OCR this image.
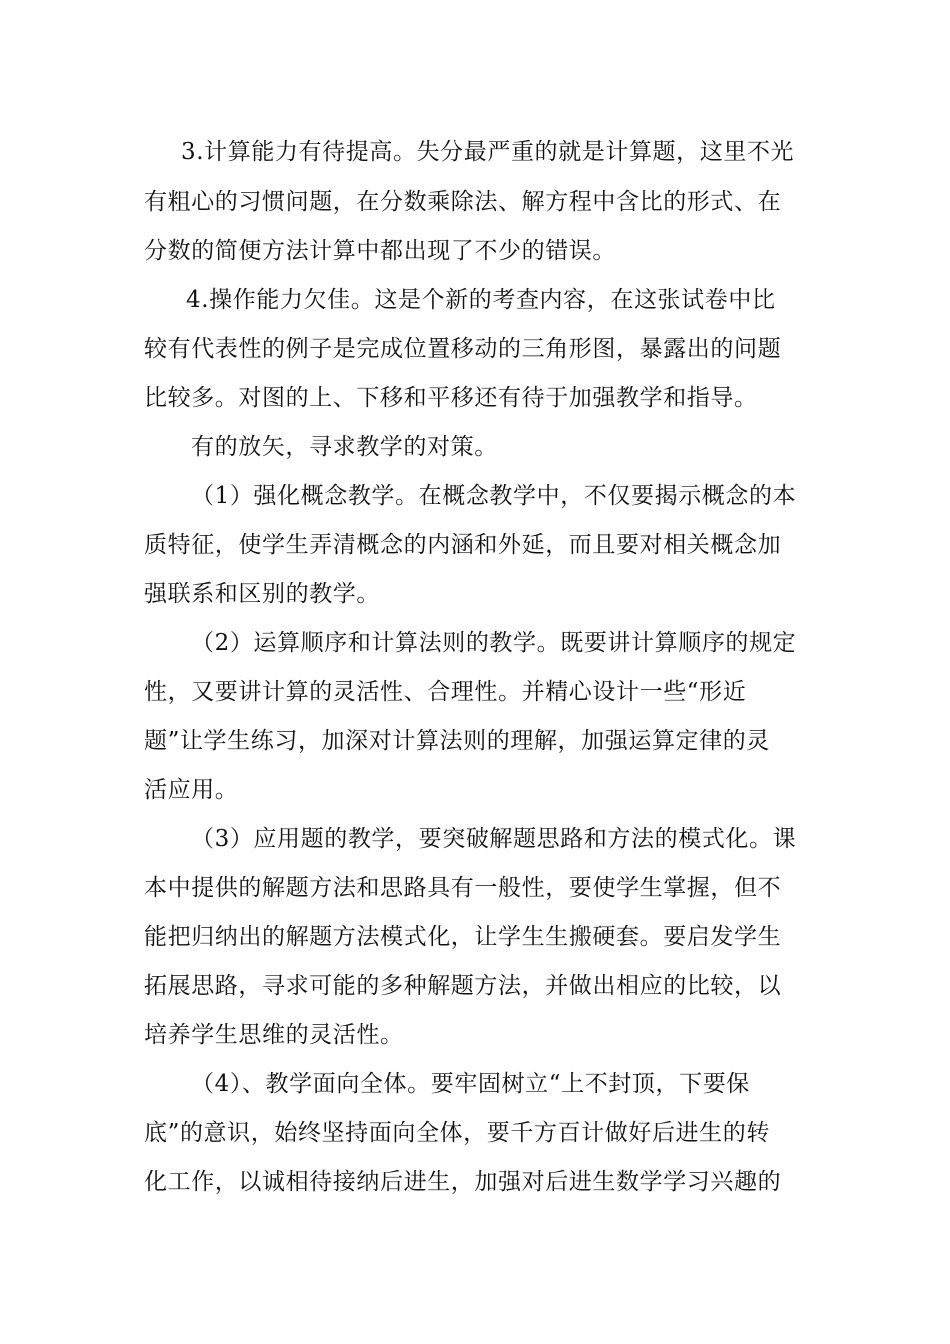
3.计算能力有待提高。失分最严重的就是计算题，这里不光
有粗心的习惯问题，在分数乘除法、解方程中含比的形式、在
分数的简便方法计算中都出现了不少的错误。
4.操作能力欠佳。这是个新的考查内容，在这张试卷中比
较有代表性的例子是完成位置移动的三角形图，暴露出的问题
比较多。对图的上、下移和平移还有待于加强教学和指导。
有的放矢，寻求教学的对策。
（1）强化概念教学。在概念教学中，不仅要揭示概念的本
质特征，使学生弄清概念的内涵和外延，而且要对相关概念加
强联系和区别的教学。
（2）运算顺序和计算法则的教学。既要讲计算顺序的规定
性，又要讲计算的灵活性、合理性。并精心设计一些“形近
题”让学生练习，加深对计算法则的理解，加强运算定律的灵
活应用。
（3）应用题的教学，要突破解题思路和方法的模式化。课
本中提供的解题方法和思路具有一般性，要使学生掌握，但不
能把归纳出的解题方法模式化，让学生生搬硬套。要启发学生
拓展思路，寻求可能的多种解题方法，并做出相应的比较，以
培养学生思维的灵活性。
（4）、教学面向全体。要牢固树立“上不封顶，下要保
底”的意识，始终坚持面向全体，要千方百计做好后进生的转
化工作，以诚相待接纳后进生，加强对后进生数学学习兴趣的
